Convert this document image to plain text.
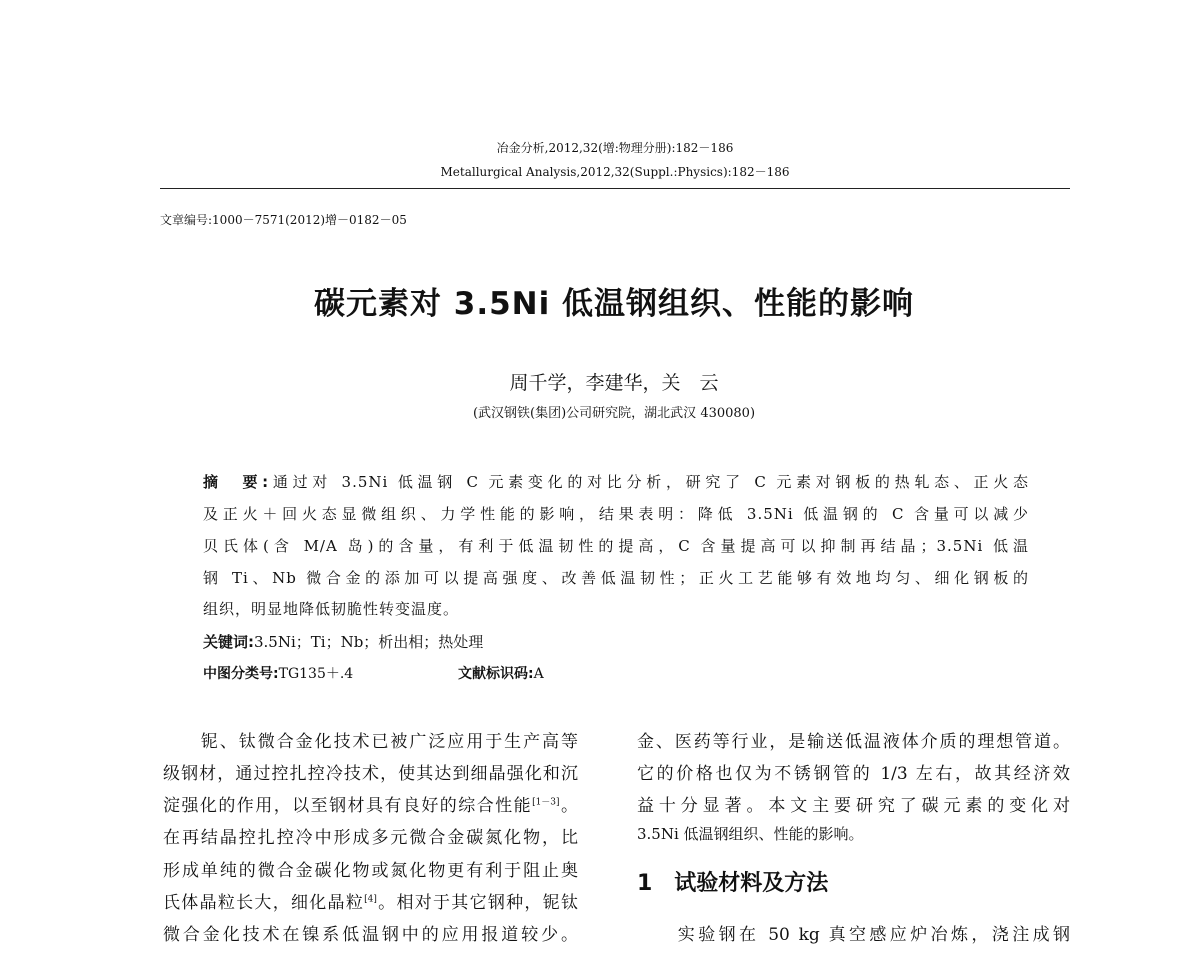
冶金分析,2012,32(增:物理分册):182－186
Metallurgical Analysis,2012,32(Suppl.:Physics):182－186
文章编号:1000－7571(2012)增－0182－05
碳元素对 3.5Ni 低温钢组织、性能的影响
周千学，李建华，关　云
(武汉钢铁(集团)公司研究院，湖北武汉 430080)
摘　要:通过对 3.5Ni 低温钢 C 元素变化的对比分析，研究了 C 元素对钢板的热轧态、正火态
及正火＋回火态显微组织、力学性能的影响，结果表明：降低 3.5Ni 低温钢的 C 含量可以减少
贝氏体(含 M/A 岛)的含量，有利于低温韧性的提高，C 含量提高可以抑制再结晶；3.5Ni 低温
钢 Ti、Nb 微合金的添加可以提高强度、改善低温韧性；正火工艺能够有效地均匀、细化钢板的
组织，明显地降低韧脆性转变温度。
关键词:3.5Ni；Ti；Nb；析出相；热处理
中图分类号:TG135＋.4	文献标识码:A
　　铌、钛微合金化技术已被广泛应用于生产高等
级钢材，通过控扎控冷技术，使其达到细晶强化和沉
淀强化的作用，以至钢材具有良好的综合性能[1－3]。
在再结晶控扎控冷中形成多元微合金碳氮化物，比
形成单纯的微合金碳化物或氮化物更有利于阻止奥
氏体晶粒长大，细化晶粒[4]。相对于其它钢种，铌钛
微合金化技术在镍系低温钢中的应用报道较少。
金、医药等行业，是输送低温液体介质的理想管道。
它的价格也仅为不锈钢管的 1/3 左右，故其经济效
益十分显著。本文主要研究了碳元素的变化对
3.5Ni 低温钢组织、性能的影响。
1　试验材料及方法
　　实验钢在 50 kg 真空感应炉冶炼，浇注成钢
